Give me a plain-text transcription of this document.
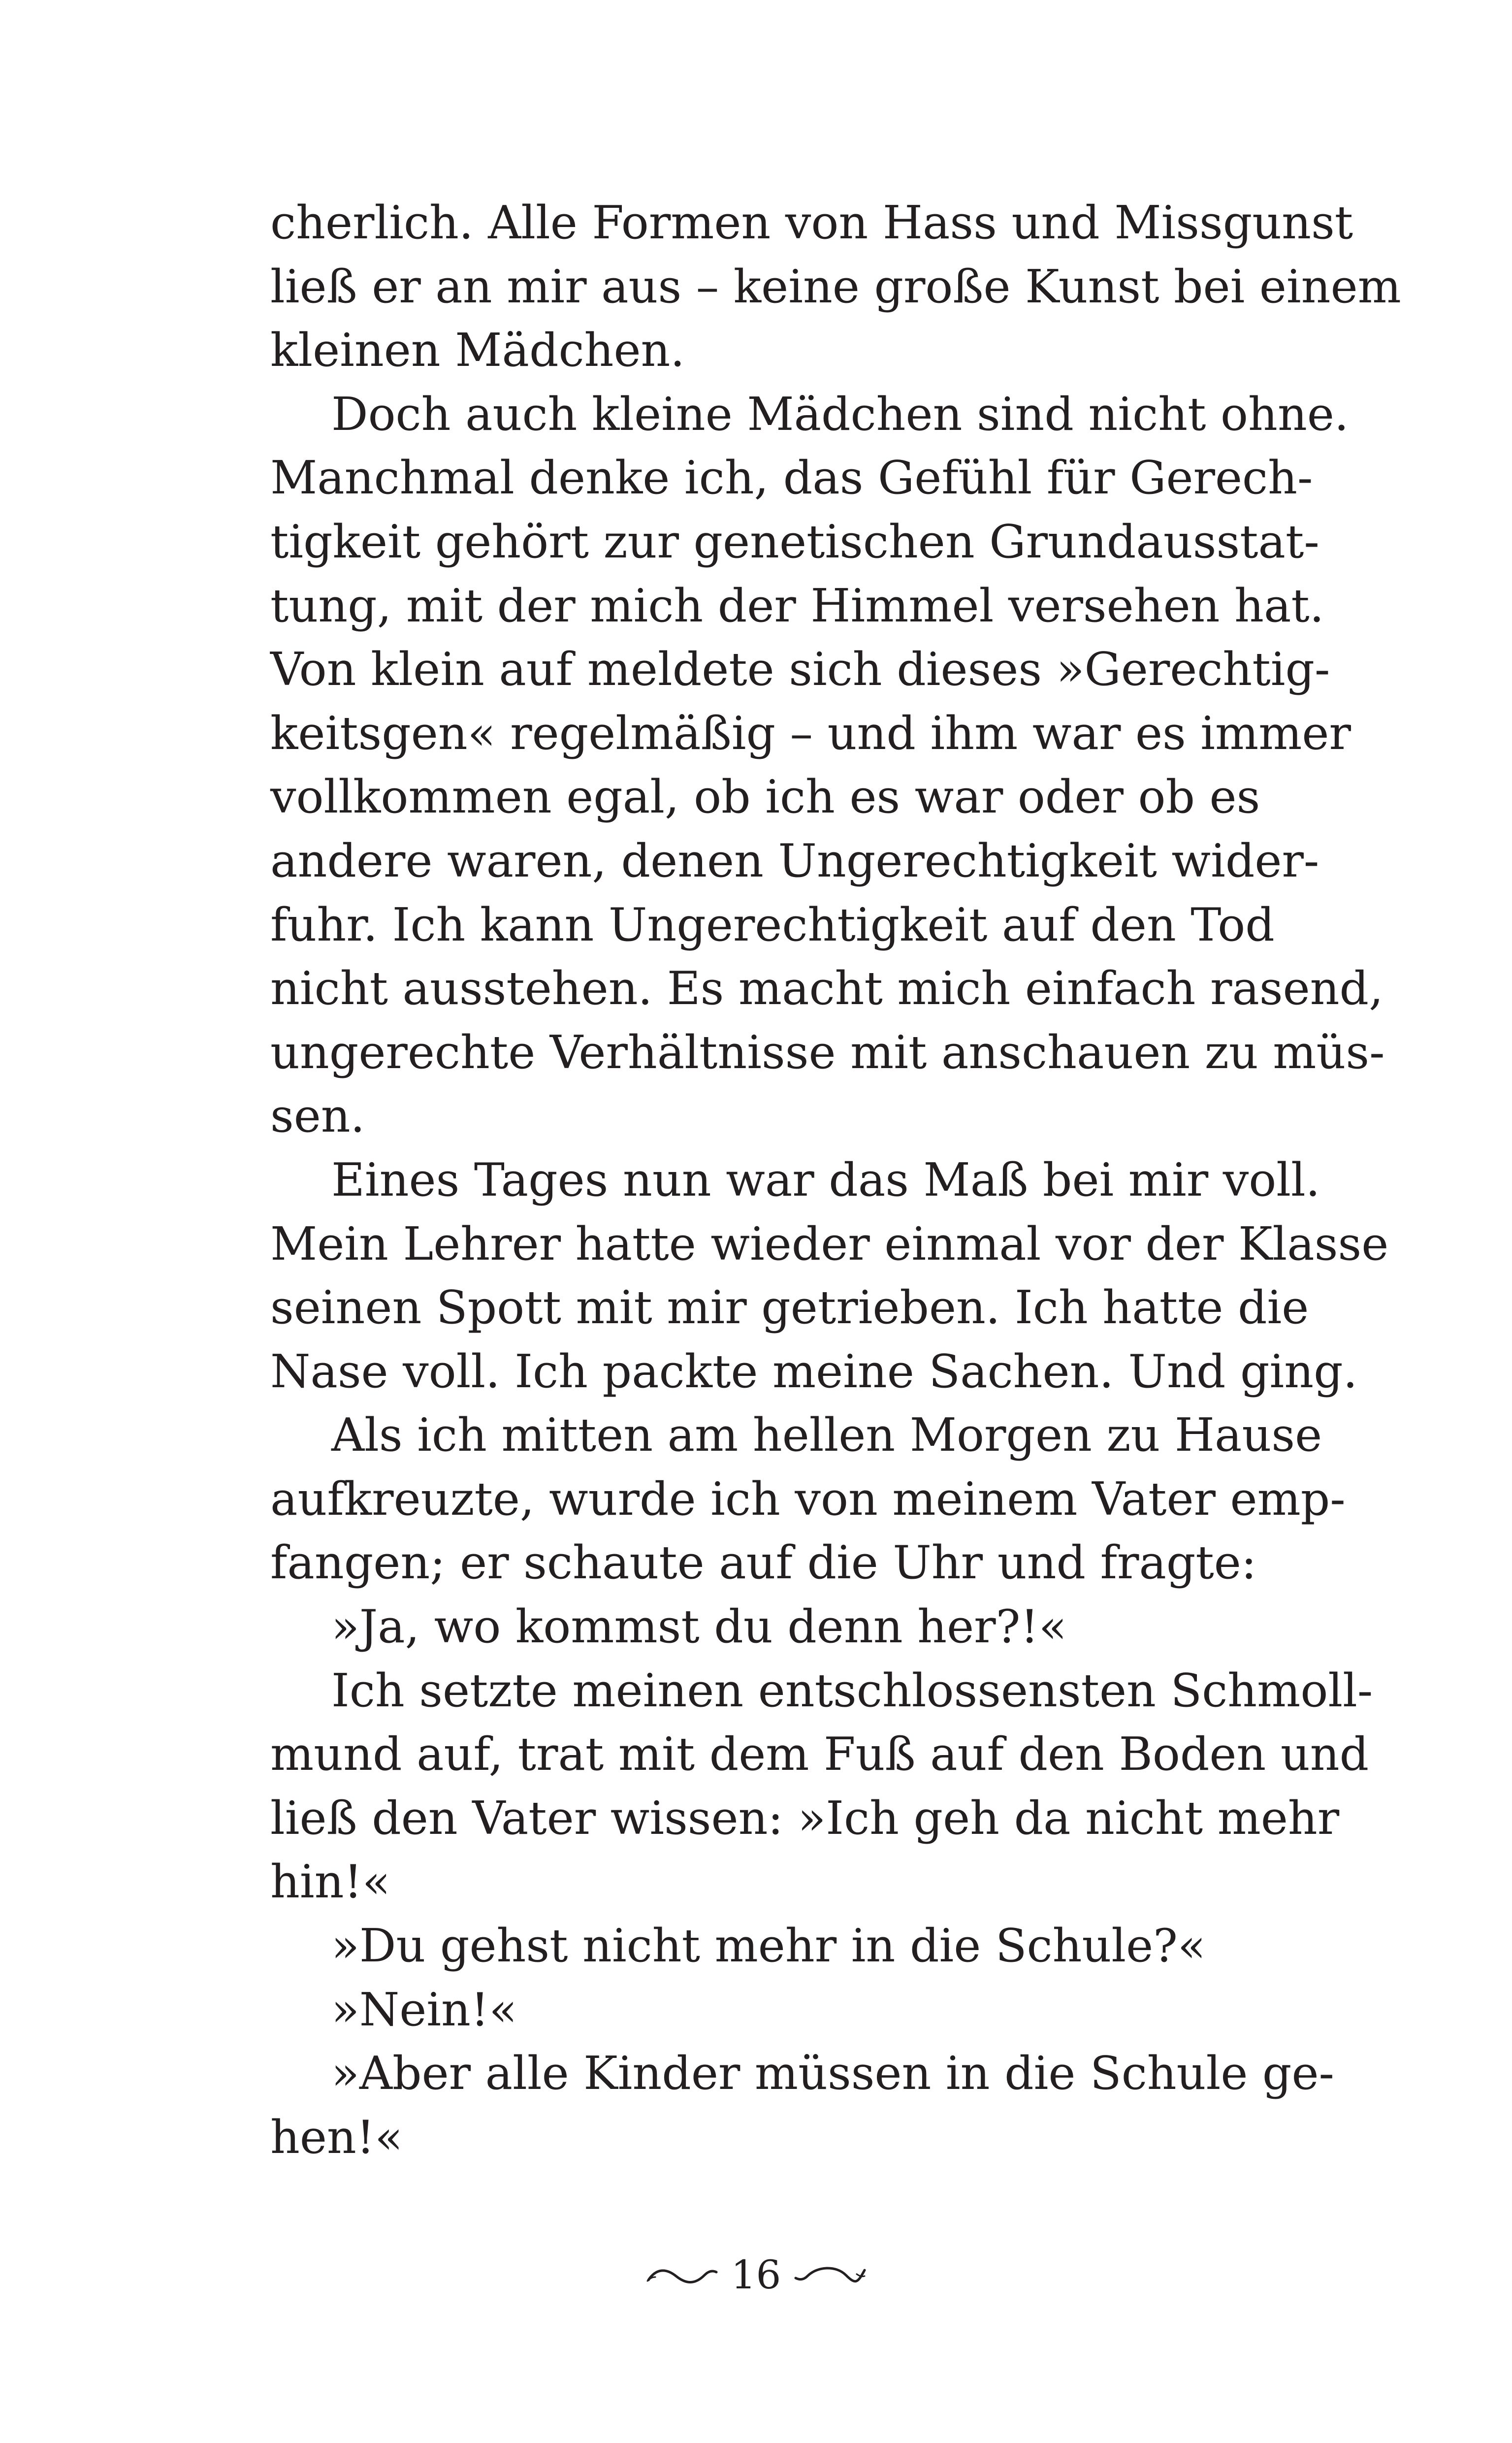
cherlich. Alle Formen von Hass und Missgunst
ließ er an mir aus – keine große Kunst bei einem
kleinen Mädchen.
Doch auch kleine Mädchen sind nicht ohne.
Manchmal denke ich, das Gefühl für Gerech-
tigkeit gehört zur genetischen Grundausstat-
tung, mit der mich der Himmel versehen hat.
Von klein auf meldete sich dieses »Gerechtig-
keitsgen« regelmäßig – und ihm war es immer
vollkommen egal, ob ich es war oder ob es
andere waren, denen Ungerechtigkeit wider-
fuhr. Ich kann Ungerechtigkeit auf den Tod
nicht ausstehen. Es macht mich einfach rasend,
ungerechte Verhältnisse mit anschauen zu müs-
sen.
Eines Tages nun war das Maß bei mir voll.
Mein Lehrer hatte wieder einmal vor der Klasse
seinen Spott mit mir getrieben. Ich hatte die
Nase voll. Ich packte meine Sachen. Und ging.
Als ich mitten am hellen Morgen zu Hause
aufkreuzte, wurde ich von meinem Vater emp-
fangen; er schaute auf die Uhr und fragte:
»Ja, wo kommst du denn her?!«
Ich setzte meinen entschlossensten Schmoll-
mund auf, trat mit dem Fuß auf den Boden und
ließ den Vater wissen: »Ich geh da nicht mehr
hin!«
»Du gehst nicht mehr in die Schule?«
»Nein!«
»Aber alle Kinder müssen in die Schule ge-
hen!«
16
